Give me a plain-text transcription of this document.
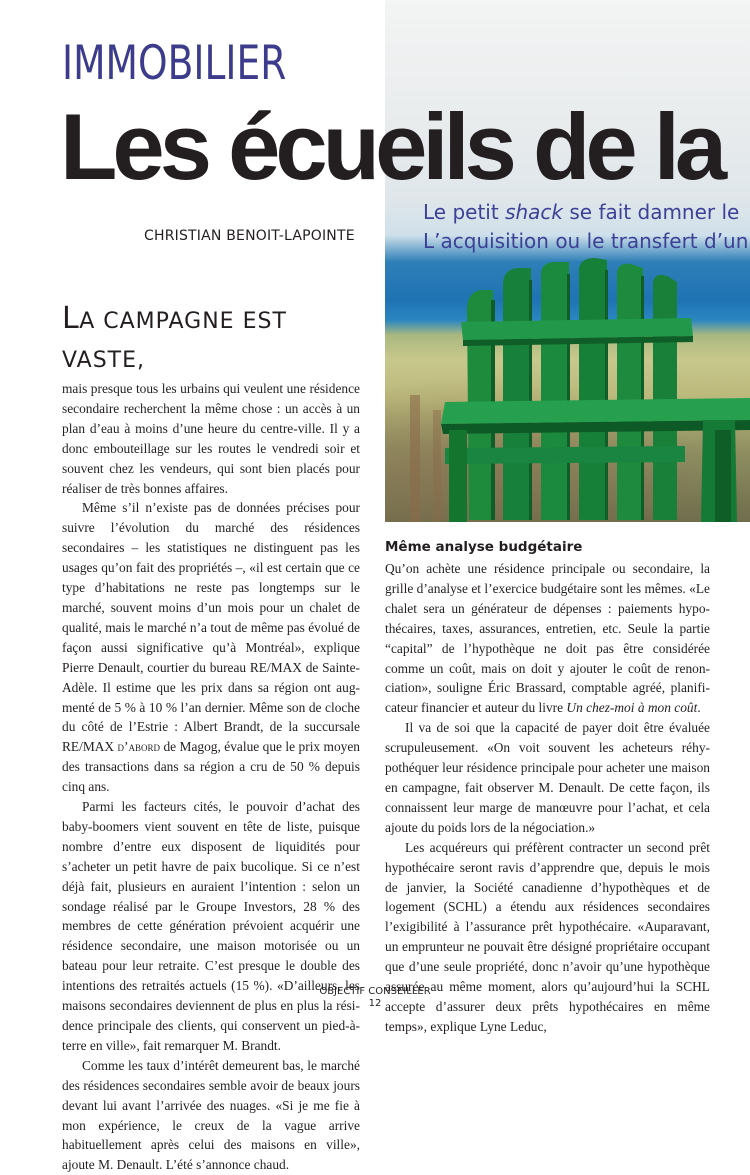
IMMOBILIER
Les écueils de la
Le petit shack se fait damner le
L’acquisition ou le transfert d’un
CHRISTIAN BENOIT-LAPOINTE
LA CAMPAGNE EST VASTE,

mais presque tous les urbains qui veulent une résidence secondaire recherchent la même chose : un accès à un plan d’eau à moins d’une heure du centre-ville. Il y a donc embouteillage sur les routes le vendredi soir et souvent chez les vendeurs, qui sont bien placés pour réaliser de très bonnes affaires.

Même s’il n’existe pas de données précises pour suivre l’évolution du marché des résidences secondaires – les statistiques ne distinguent pas les usages qu’on fait des propriétés –, «il est certain que ce type d’habitations ne reste pas longtemps sur le marché, souvent moins d’un mois pour un chalet de qualité, mais le marché n’a tout de même pas évolué de façon aussi significative qu’à Montréal», explique Pierre Denault, courtier du bureau RE/MAX de Sainte-Adèle. Il estime que les prix dans sa région ont augmenté de 5 % à 10 % l’an dernier. Même son de cloche du côté de l’Estrie : Albert Brandt, de la succursale RE/MAX d’abord de Magog, évalue que le prix moyen des transactions dans sa région a cru de 50 % depuis cinq ans.

Parmi les facteurs cités, le pouvoir d’achat des baby-boomers vient souvent en tête de liste, puisque nombre d’entre eux disposent de liquidités pour s’acheter un petit havre de paix bucolique. Si ce n’est déjà fait, plusieurs en auraient l’intention : selon un sondage réalisé par le Groupe Investors, 28 % des membres de cette génération prévoient acquérir une résidence secondaire, une maison motorisée ou un bateau pour leur retraite. C’est presque le double des intentions des retraités actuels (15 %). «D’ailleurs, les maisons secondaires deviennent de plus en plus la résidence principale des clients, qui conservent un pied-à-terre en ville», fait remarquer M. Brandt.

Comme les taux d’intérêt demeurent bas, le marché des résidences secondaires semble avoir de beaux jours devant lui avant l’arrivée des nuages. «Si je me fie à mon expérience, le creux de la vague arrive habituellement après celui des maisons en ville», ajoute M. Denault. L’été s’annonce chaud.

Même analyse budgétaire

Qu’on achète une résidence principale ou secondaire, la grille d’analyse et l’exercice budgétaire sont les mêmes. «Le chalet sera un générateur de dépenses : paiements hypothécaires, taxes, assurances, entretien, etc. Seule la partie “capital” de l’hypothèque ne doit pas être considérée comme un coût, mais on doit y ajouter le coût de renonciation», souligne Éric Brassard, comptable agréé, planificateur financier et auteur du livre Un chez-moi à mon coût.

Il va de soi que la capacité de payer doit être évaluée scrupuleusement. «On voit souvent les acheteurs réhypothéquer leur résidence principale pour acheter une maison en campagne, fait observer M. Denault. De cette façon, ils connaissent leur marge de manœuvre pour l’achat, et cela ajoute du poids lors de la négociation.»

Les acquéreurs qui préfèrent contracter un second prêt hypothécaire seront ravis d’apprendre que, depuis le mois de janvier, la Société canadienne d’hypothèques et de logement (SCHL) a étendu aux résidences secondaires l’exigibilité à l’assurance prêt hypothécaire. «Auparavant, un emprunteur ne pouvait être désigné propriétaire occupant que d’une seule propriété, donc n’avoir qu’une hypothèque assurée au même moment, alors qu’aujourd’hui la SCHL accepte d’assurer deux prêts hypothécaires en même temps», explique Lyne Leduc,

OBJECTIF CONSEILLER
12
